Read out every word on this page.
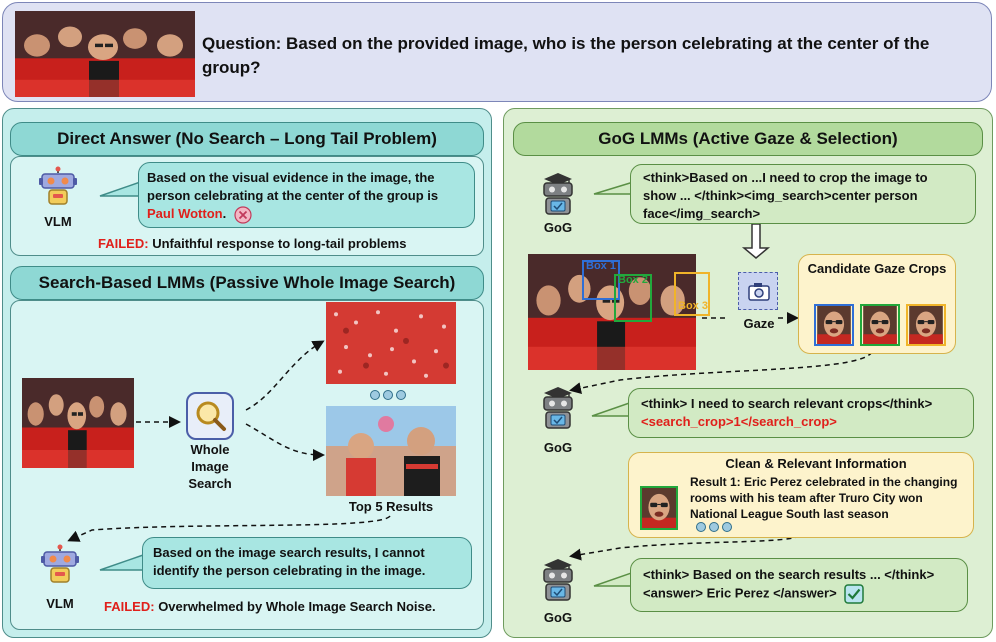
Question: Based on the provided image, who is the person celebrating at the center of the group?
Direct Answer (No Search – Long Tail Problem)
VLM
Based on the visual evidence in the image, the person celebrating at the center of the group is Paul Wotton.
FAILED: Unfaithful response to long-tail problems
Search-Based LMMs (Passive Whole Image Search)
Whole Image Search
Top 5 Results
VLM
Based on the image search results, I cannot identify the person celebrating in the image.
FAILED: Overwhelmed by Whole Image Search Noise.
GoG LMMs (Active Gaze & Selection)
GoG
<think>Based on ...I need to crop the image to show ... </think><img_search>center person face</img_search>
Box 1
Box 2
Box 3
Gaze
Candidate Gaze Crops
GoG
<think> I need to search relevant crops</think><search_crop>1</search_crop>
Clean & Relevant Information
Result 1: Eric Perez celebrated in the changing rooms with his team after Truro City won National League South last season
GoG
<think> Based on the search results ... </think><answer> Eric Perez </answer>
